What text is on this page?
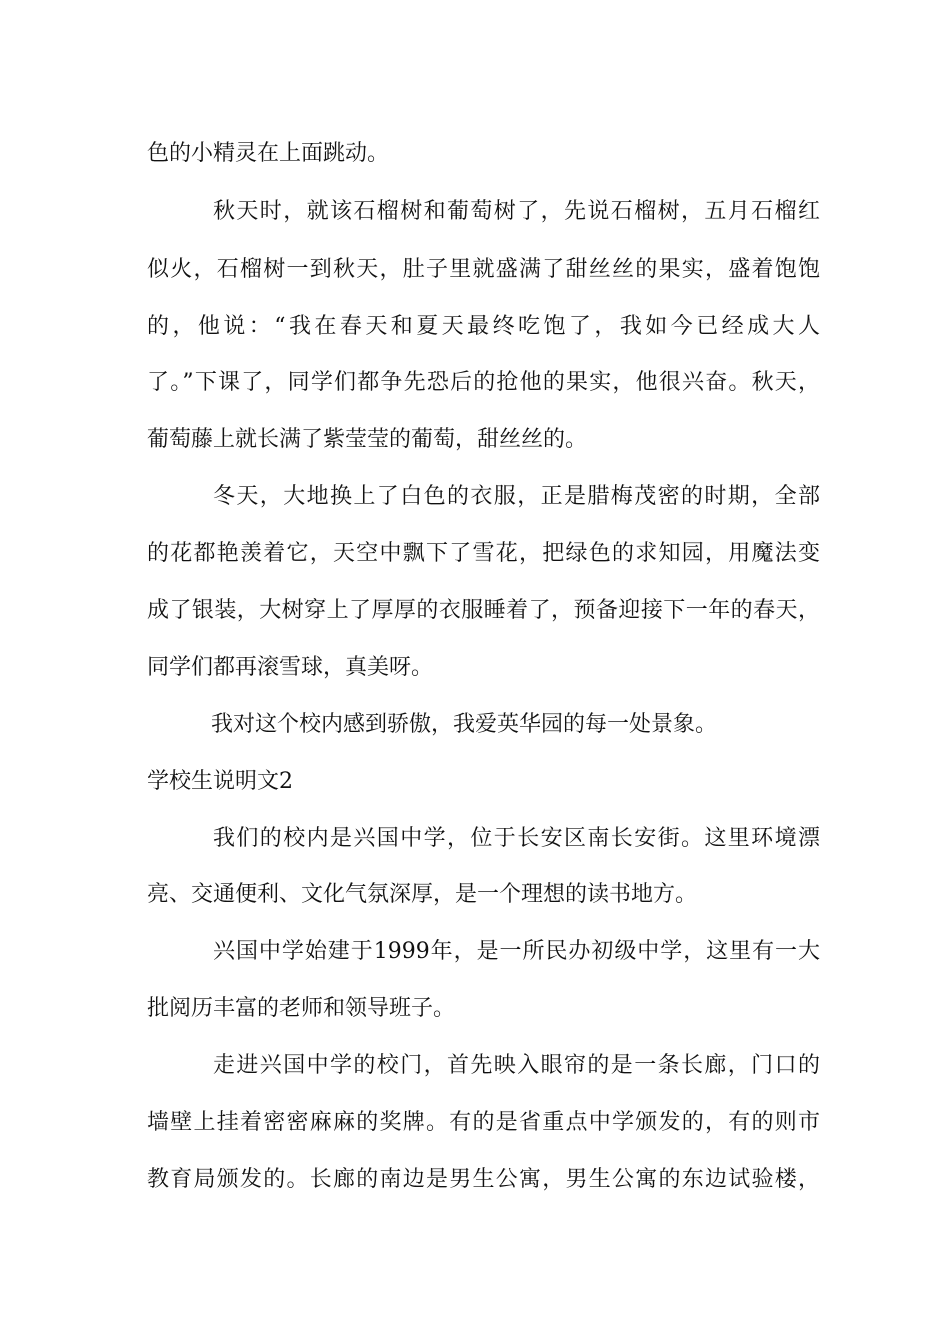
色的小精灵在上面跳动。
秋天时，就该石榴树和葡萄树了，先说石榴树，五月石榴红
似火，石榴树一到秋天，肚子里就盛满了甜丝丝的果实，盛着饱饱
的，他说：“我在春天和夏天最终吃饱了，我如今已经成大人
了。”下课了，同学们都争先恐后的抢他的果实，他很兴奋。秋天，
葡萄藤上就长满了紫莹莹的葡萄，甜丝丝的。
冬天，大地换上了白色的衣服，正是腊梅茂密的时期，全部
的花都艳羡着它，天空中飘下了雪花，把绿色的求知园，用魔法变
成了银装，大树穿上了厚厚的衣服睡着了，预备迎接下一年的春天，
同学们都再滚雪球，真美呀。
我对这个校内感到骄傲，我爱英华园的每一处景象。
学校生说明文2
我们的校内是兴国中学，位于长安区南长安街。这里环境漂
亮、交通便利、文化气氛深厚，是一个理想的读书地方。
兴国中学始建于1999年，是一所民办初级中学，这里有一大
批阅历丰富的老师和领导班子。
走进兴国中学的校门，首先映入眼帘的是一条长廊，门口的
墙壁上挂着密密麻麻的奖牌。有的是省重点中学颁发的，有的则市
教育局颁发的。长廊的南边是男生公寓，男生公寓的东边试验楼，
